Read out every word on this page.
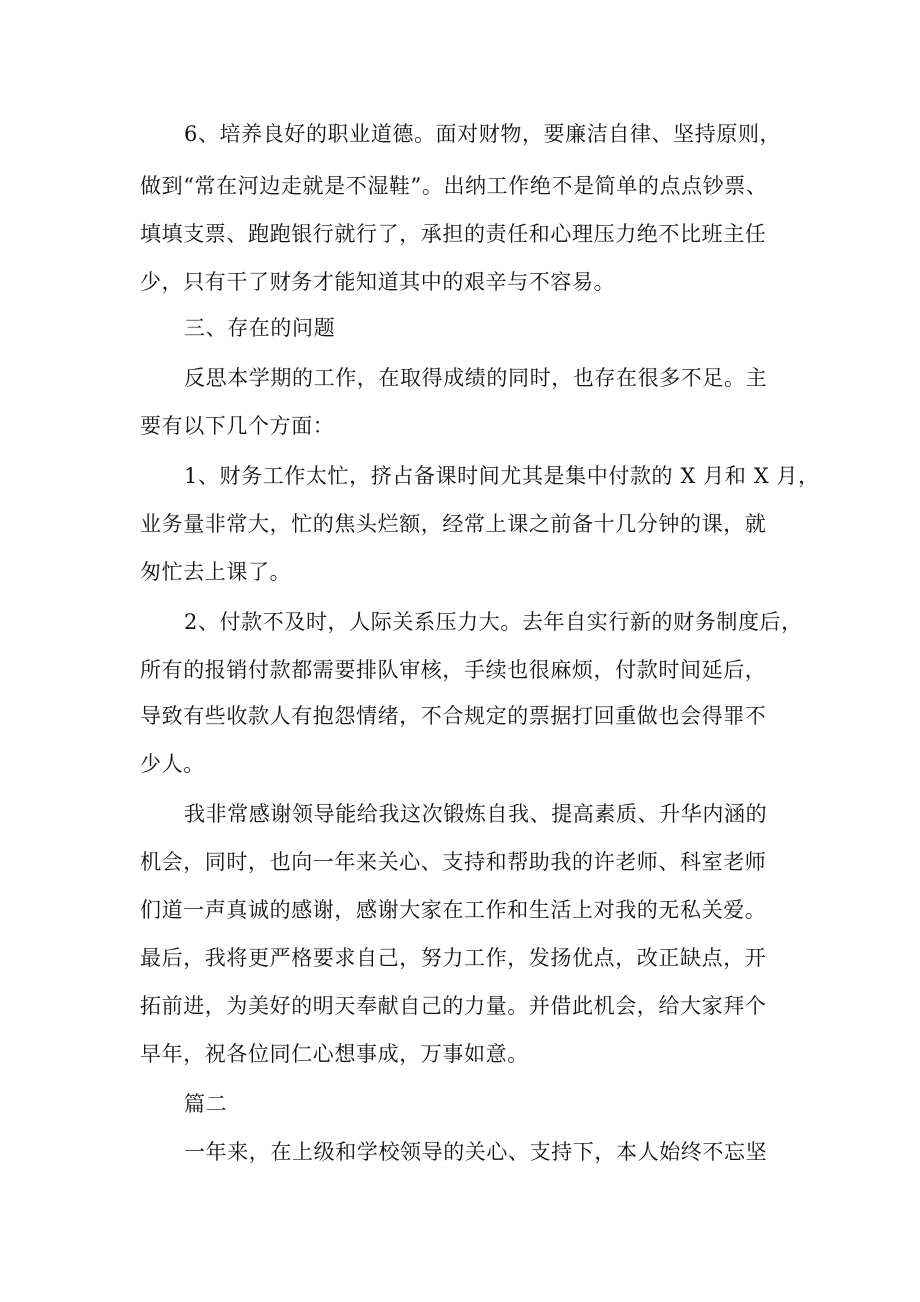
6、培养良好的职业道德。面对财物，要廉洁自律、坚持原则，
做到“常在河边走就是不湿鞋”。出纳工作绝不是简单的点点钞票、
填填支票、跑跑银行就行了，承担的责任和心理压力绝不比班主任
少，只有干了财务才能知道其中的艰辛与不容易。
三、存在的问题
反思本学期的工作，在取得成绩的同时，也存在很多不足。主
要有以下几个方面：
1、财务工作太忙，挤占备课时间尤其是集中付款的 X 月和 X 月，
业务量非常大，忙的焦头烂额，经常上课之前备十几分钟的课，就
匆忙去上课了。
2、付款不及时，人际关系压力大。去年自实行新的财务制度后，
所有的报销付款都需要排队审核，手续也很麻烦，付款时间延后，
导致有些收款人有抱怨情绪，不合规定的票据打回重做也会得罪不
少人。
我非常感谢领导能给我这次锻炼自我、提高素质、升华内涵的
机会，同时，也向一年来关心、支持和帮助我的许老师、科室老师
们道一声真诚的感谢，感谢大家在工作和生活上对我的无私关爱。
最后，我将更严格要求自己，努力工作，发扬优点，改正缺点，开
拓前进，为美好的明天奉献自己的力量。并借此机会，给大家拜个
早年，祝各位同仁心想事成，万事如意。
篇二
一年来，在上级和学校领导的关心、支持下，本人始终不忘坚
